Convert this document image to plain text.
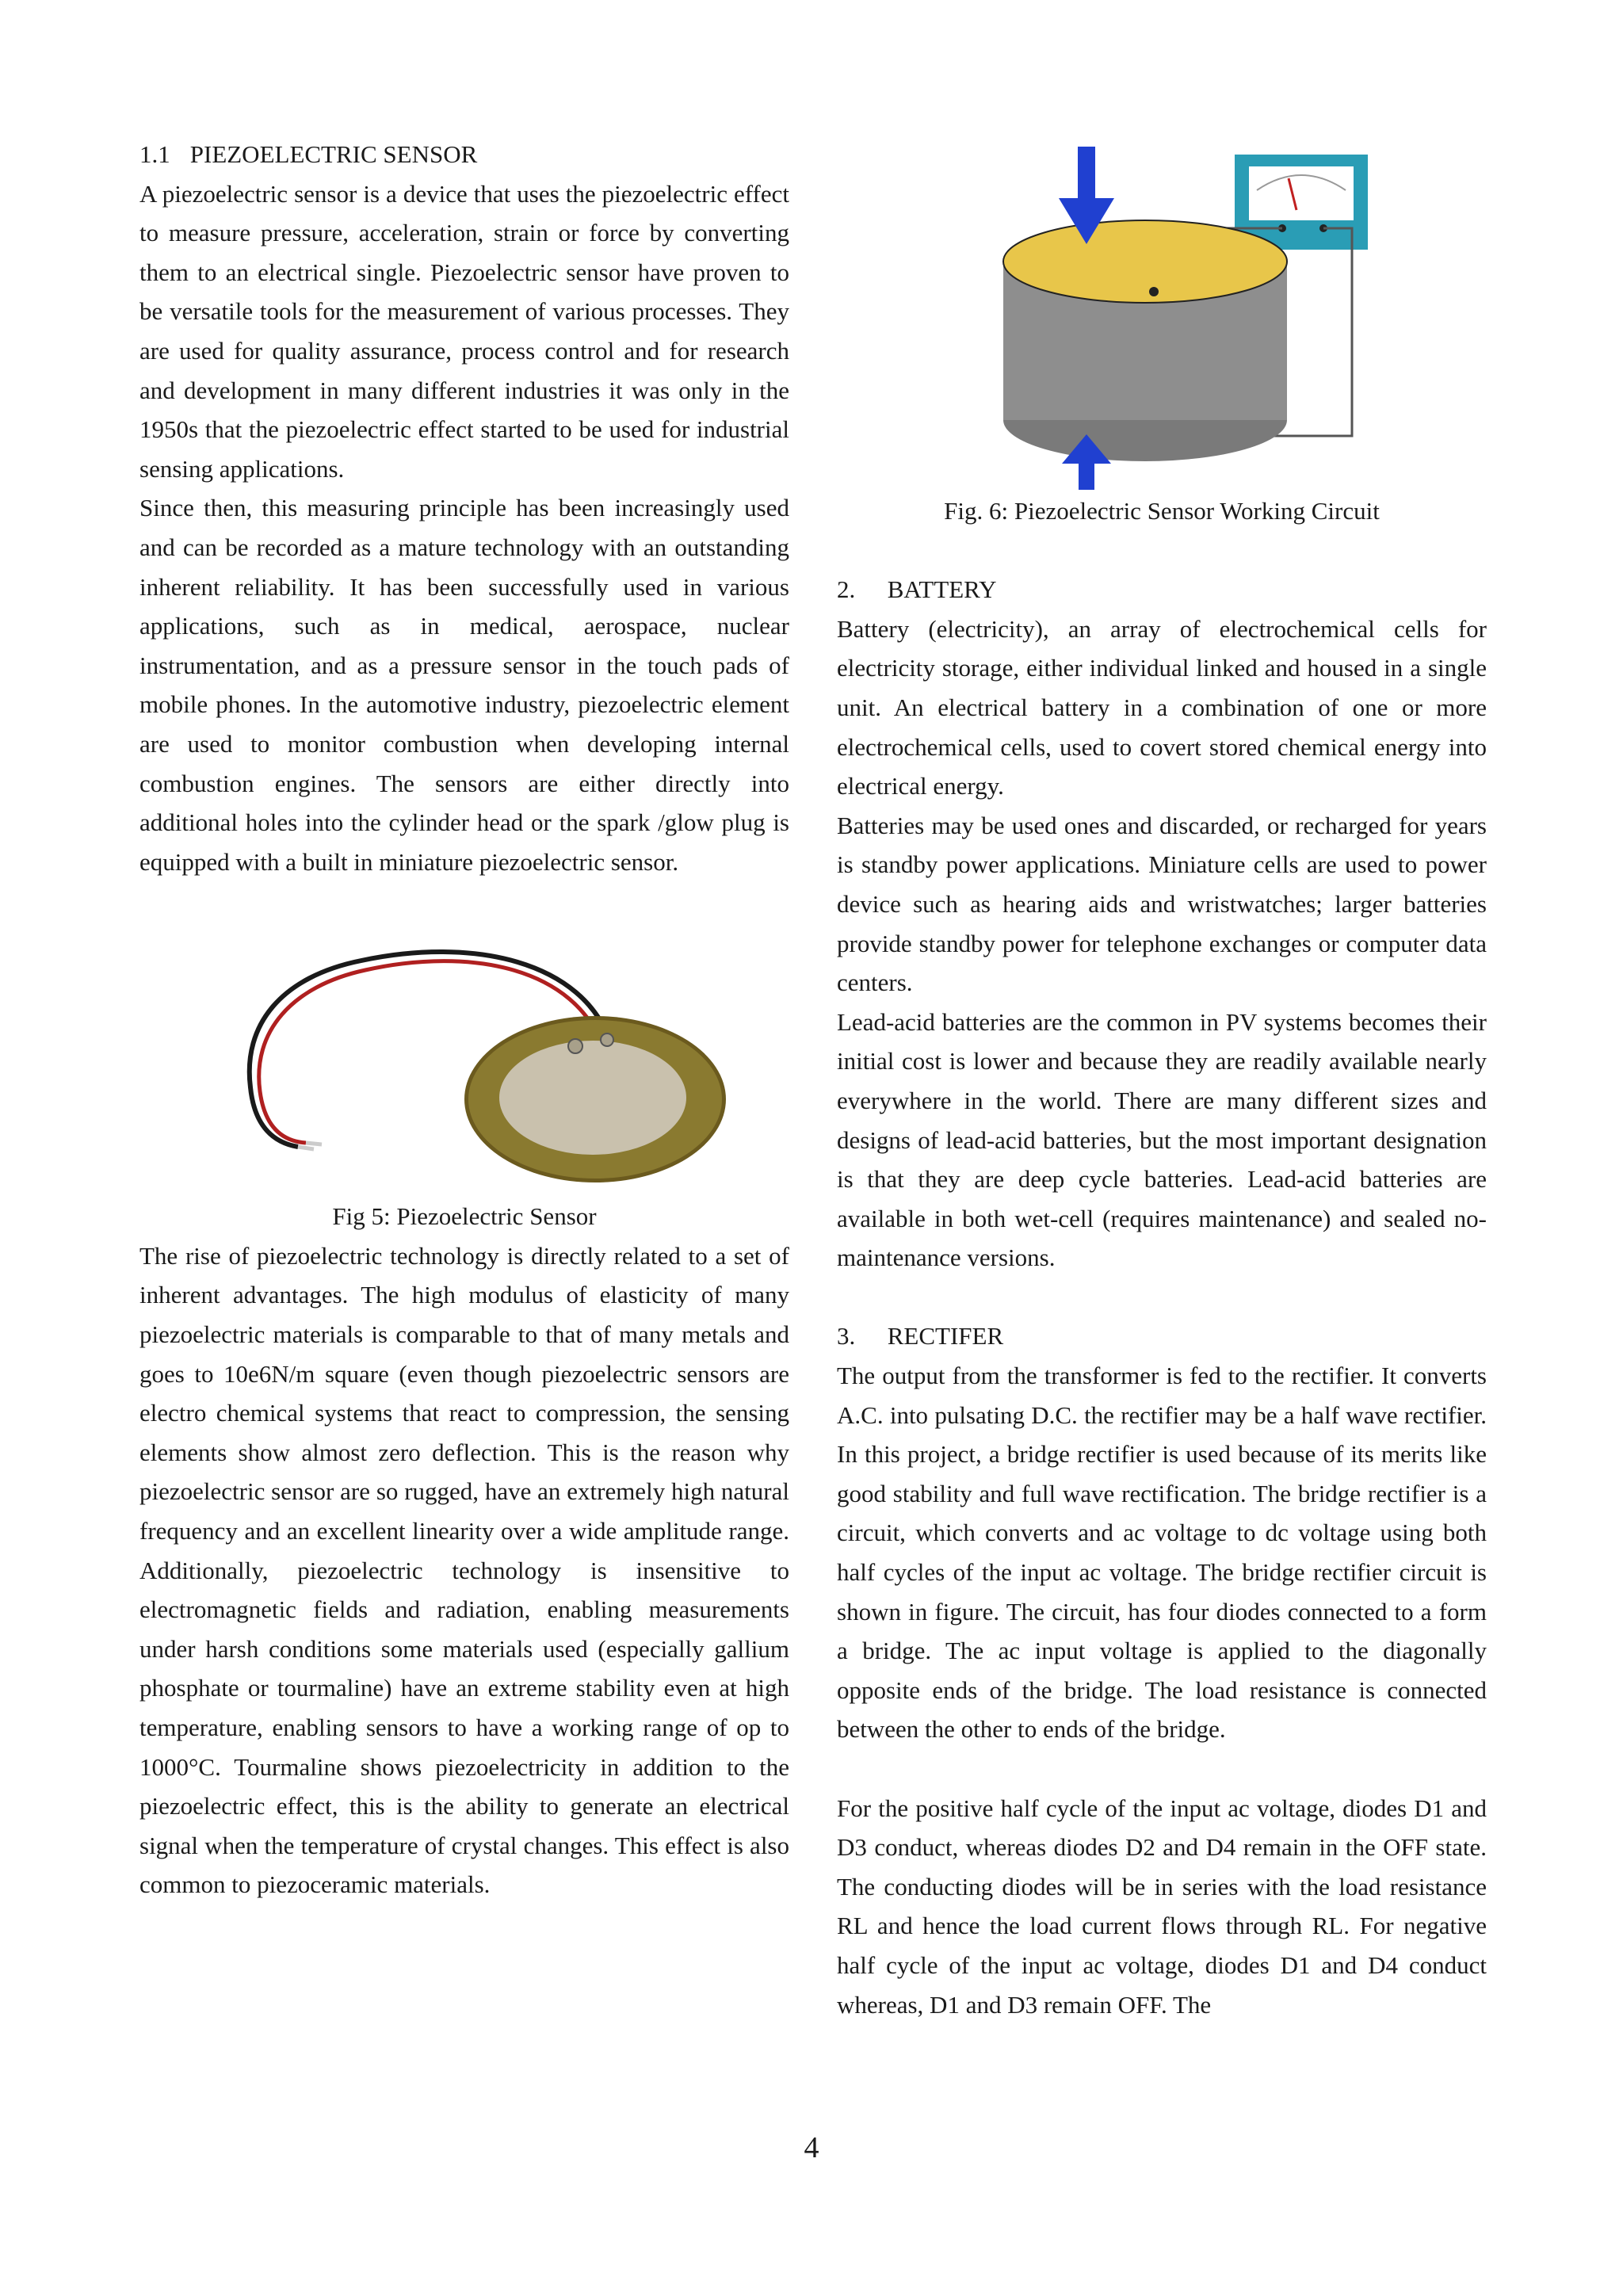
1.1 PIEZOELECTRIC SENSOR

A piezoelectric sensor is a device that uses the piezoelectric effect to measure pressure, acceleration, strain or force by converting them to an electrical single. Piezoelectric sensor have proven to be versatile tools for the measurement of various processes. They are used for quality assurance, process control and for research and development in many different industries it was only in the 1950s that the piezoelectric effect started to be used for industrial sensing applications.

Since then, this measuring principle has been increasingly used and can be recorded as a mature technology with an outstanding inherent reliability. It has been successfully used in various applications, such as in medical, aerospace, nuclear instrumentation, and as a pressure sensor in the touch pads of mobile phones. In the automotive industry, piezoelectric element are used to monitor combustion when developing internal combustion engines. The sensors are either directly into additional holes into the cylinder head or the spark /glow plug is equipped with a built in miniature piezoelectric sensor.

Fig 5: Piezoelectric Sensor

The rise of piezoelectric technology is directly related to a set of inherent advantages. The high modulus of elasticity of many piezoelectric materials is comparable to that of many metals and goes to 10e6N/m square (even though piezoelectric sensors are electro chemical systems that react to compression, the sensing elements show almost zero deflection. This is the reason why piezoelectric sensor are so rugged, have an extremely high natural frequency and an excellent linearity over a wide amplitude range. Additionally, piezoelectric technology is insensitive to electromagnetic fields and radiation, enabling measurements under harsh conditions some materials used (especially gallium phosphate or tourmaline) have an extreme stability even at high temperature, enabling sensors to have a working range of op to 1000°C. Tourmaline shows piezoelectricity in addition to the piezoelectric effect, this is the ability to generate an electrical signal when the temperature of crystal changes. This effect is also common to piezoceramic materials.

Fig. 6: Piezoelectric Sensor Working Circuit

2. BATTERY

Battery (electricity), an array of electrochemical cells for electricity storage, either individual linked and housed in a single unit. An electrical battery in a combination of one or more electrochemical cells, used to covert stored chemical energy into electrical energy.

Batteries may be used ones and discarded, or recharged for years is standby power applications. Miniature cells are used to power device such as hearing aids and wristwatches; larger batteries provide standby power for telephone exchanges or computer data centers.

Lead-acid batteries are the common in PV systems becomes their initial cost is lower and because they are readily available nearly everywhere in the world. There are many different sizes and designs of lead-acid batteries, but the most important designation is that they are deep cycle batteries. Lead-acid batteries are available in both wet-cell (requires maintenance) and sealed no-maintenance versions.

3. RECTIFER

The output from the transformer is fed to the rectifier. It converts A.C. into pulsating D.C. the rectifier may be a half wave rectifier. In this project, a bridge rectifier is used because of its merits like good stability and full wave rectification. The bridge rectifier is a circuit, which converts and ac voltage to dc voltage using both half cycles of the input ac voltage. The bridge rectifier circuit is shown in figure. The circuit, has four diodes connected to a form a bridge. The ac input voltage is applied to the diagonally opposite ends of the bridge. The load resistance is connected between the other to ends of the bridge.

For the positive half cycle of the input ac voltage, diodes D1 and D3 conduct, whereas diodes D2 and D4 remain in the OFF state. The conducting diodes will be in series with the load resistance RL and hence the load current flows through RL. For negative half cycle of the input ac voltage, diodes D1 and D4 conduct whereas, D1 and D3 remain OFF. The

4
